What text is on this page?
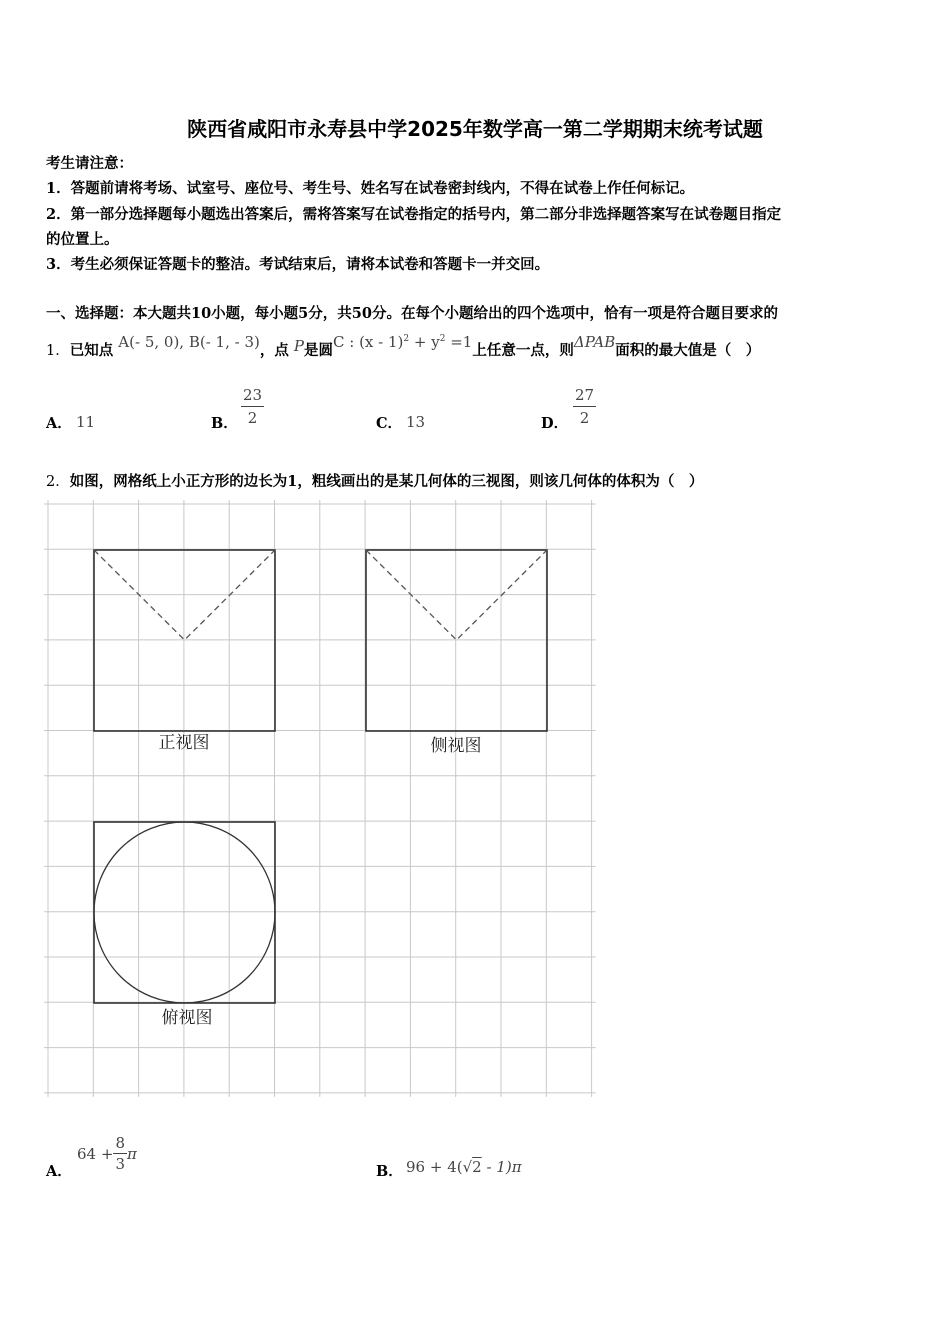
陕西省咸阳市永寿县中学2025年数学高一第二学期期末统考试题
考生请注意：
1．答题前请将考场、试室号、座位号、考生号、姓名写在试卷密封线内，不得在试卷上作任何标记。
2．第一部分选择题每小题选出答案后，需将答案写在试卷指定的括号内，第二部分非选择题答案写在试卷题目指定
的位置上。
3．考生必须保证答题卡的整洁。考试结束后，请将本试卷和答题卡一并交回。
一、选择题：本大题共10小题，每小题5分，共50分。在每个小题给出的四个选项中，恰有一项是符合题目要求的
1．已知点 A(- 5, 0), B(- 1, - 3)，点 P是圆C : $(x - 1)^2 + y^2 =1$上任意一点，则ΔPAB面积的最大值是（　）
A． 11	B． $\frac{23}{2}$	C． 13	D． $\frac{27}{2}$
2．如图，网格纸上小正方形的边长为1，粗线画出的是某几何体的三视图，则该几何体的体积为（　）
正视图	侧视图
俯视图
A．
$64 + \frac{8}{3}$ π
B． 96 + 4(√2 - 1)π
